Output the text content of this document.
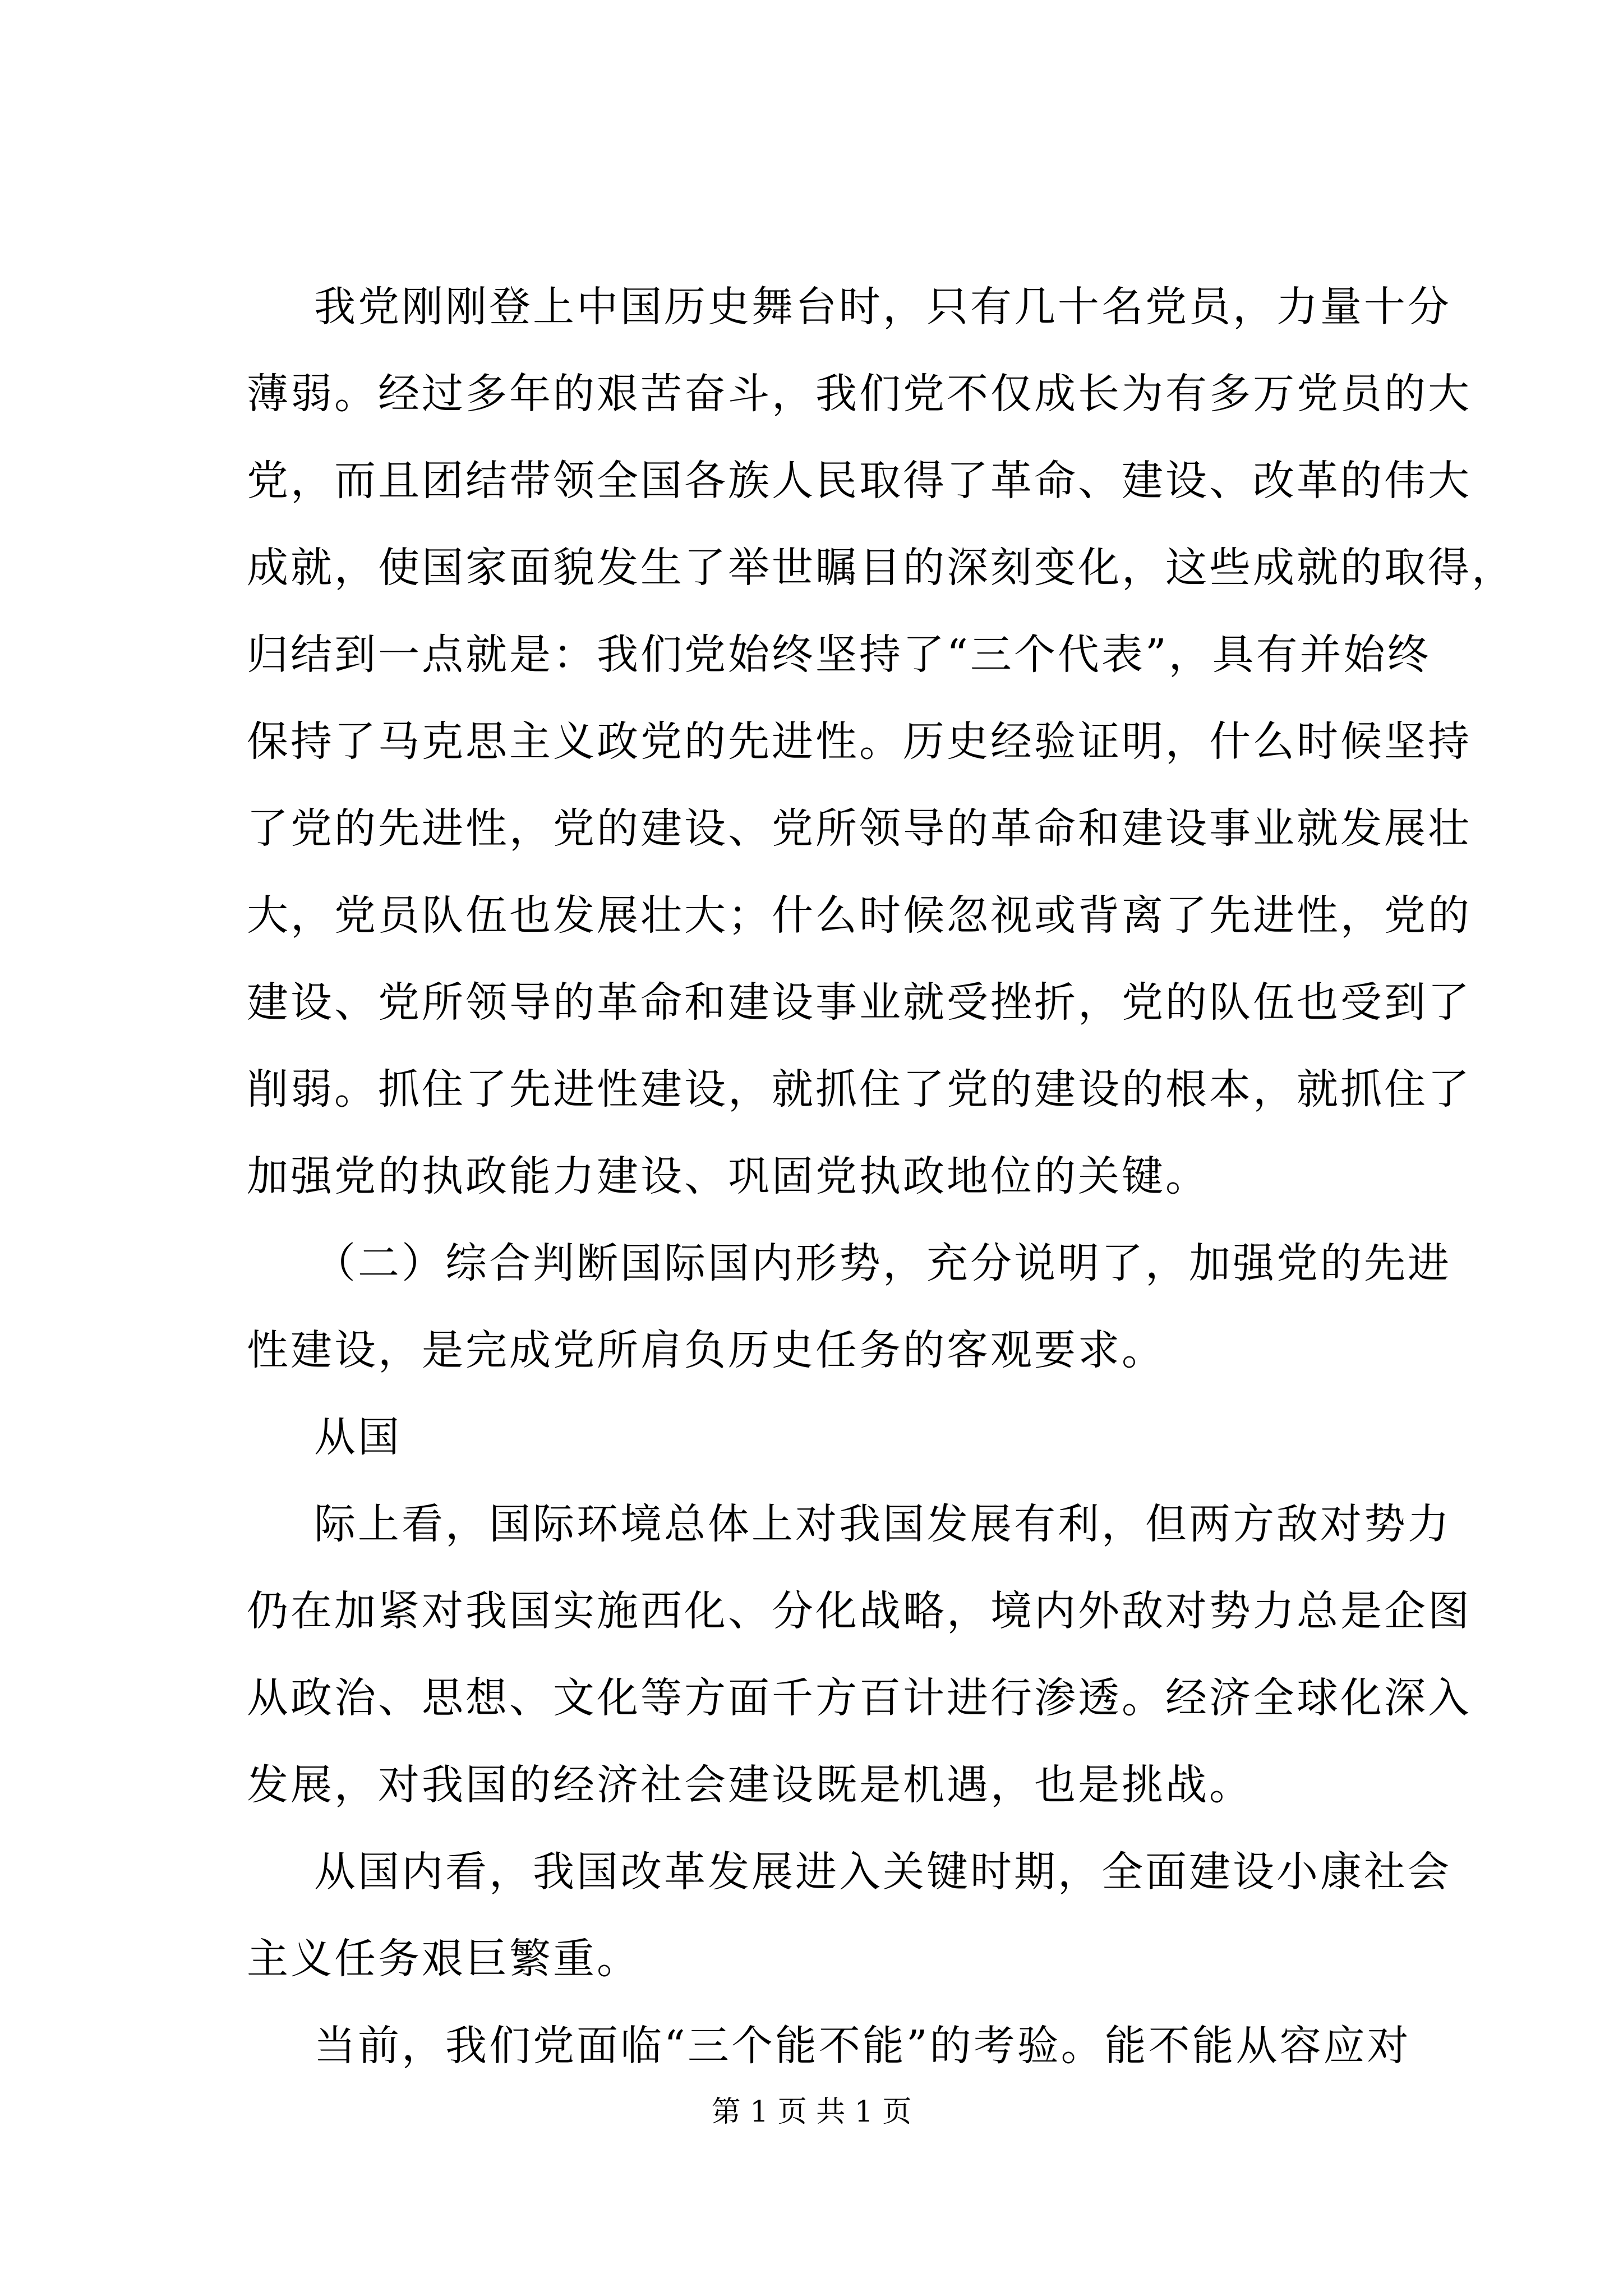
我党刚刚登上中国历史舞台时，只有几十名党员，力量十分
薄弱。经过多年的艰苦奋斗，我们党不仅成长为有多万党员的大
党，而且团结带领全国各族人民取得了革命、建设、改革的伟大
成就，使国家面貌发生了举世瞩目的深刻变化，这些成就的取得，
归结到一点就是：我们党始终坚持了“三个代表”，具有并始终
保持了马克思主义政党的先进性。历史经验证明，什么时候坚持
了党的先进性，党的建设、党所领导的革命和建设事业就发展壮
大，党员队伍也发展壮大；什么时候忽视或背离了先进性，党的
建设、党所领导的革命和建设事业就受挫折，党的队伍也受到了
削弱。抓住了先进性建设，就抓住了党的建设的根本，就抓住了
加强党的执政能力建设、巩固党执政地位的关键。
（二）综合判断国际国内形势，充分说明了，加强党的先进
性建设，是完成党所肩负历史任务的客观要求。
从国
际上看，国际环境总体上对我国发展有利，但两方敌对势力
仍在加紧对我国实施西化、分化战略，境内外敌对势力总是企图
从政治、思想、文化等方面千方百计进行渗透。经济全球化深入
发展，对我国的经济社会建设既是机遇，也是挑战。
从国内看，我国改革发展进入关键时期，全面建设小康社会
主义任务艰巨繁重。
当前，我们党面临“三个能不能”的考验。能不能从容应对
第 1 页 共 1 页
